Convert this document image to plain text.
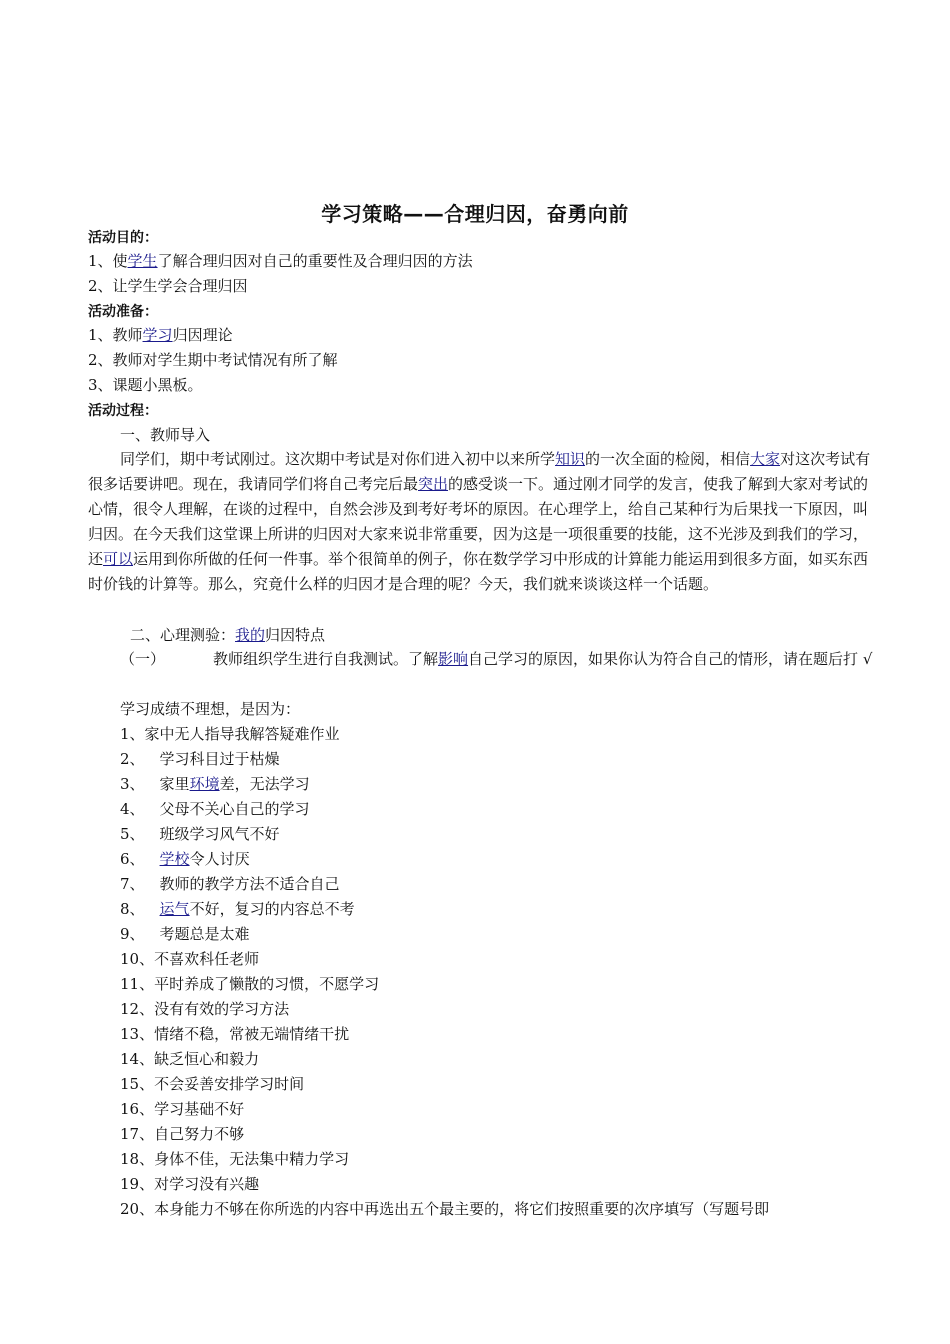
学习策略——合理归因，奋勇向前
活动目的：
1、使学生了解合理归因对自己的重要性及合理归因的方法
2、让学生学会合理归因
活动准备：
1、教师学习归因理论
2、教师对学生期中考试情况有所了解
3、课题小黑板。
活动过程：
一、教师导入
同学们，期中考试刚过。这次期中考试是对你们进入初中以来所学知识的一次全面的检阅，相信大家对这次考试有很多话要讲吧。现在，我请同学们将自己考完后最突出的感受谈一下。通过刚才同学的发言，使我了解到大家对考试的心情，很令人理解，在谈的过程中，自然会涉及到考好考坏的原因。在心理学上，给自己某种行为后果找一下原因，叫归因。在今天我们这堂课上所讲的归因对大家来说非常重要，因为这是一项很重要的技能，这不光涉及到我们的学习，还可以运用到你所做的任何一件事。举个很简单的例子，你在数学学习中形成的计算能力能运用到很多方面，如买东西时价钱的计算等。那么，究竟什么样的归因才是合理的呢？今天，我们就来谈谈这样一个话题。
二、心理测验：我的归因特点
（一）	教师组织学生进行自我测试。了解影响自己学习的原因，如果你认为符合自己的情形，请在题后打 √
学习成绩不理想，是因为：
1、家中无人指导我解答疑难作业
2、 学习科目过于枯燥
3、 家里环境差，无法学习
4、 父母不关心自己的学习
5、 班级学习风气不好
6、 学校令人讨厌
7、 教师的教学方法不适合自己
8、 运气不好，复习的内容总不考
9、 考题总是太难
10、不喜欢科任老师
11、平时养成了懒散的习惯，不愿学习
12、没有有效的学习方法
13、情绪不稳，常被无端情绪干扰
14、缺乏恒心和毅力
15、不会妥善安排学习时间
16、学习基础不好
17、自己努力不够
18、身体不佳，无法集中精力学习
19、对学习没有兴趣
20、本身能力不够在你所选的内容中再选出五个最主要的，将它们按照重要的次序填写（写题号即
